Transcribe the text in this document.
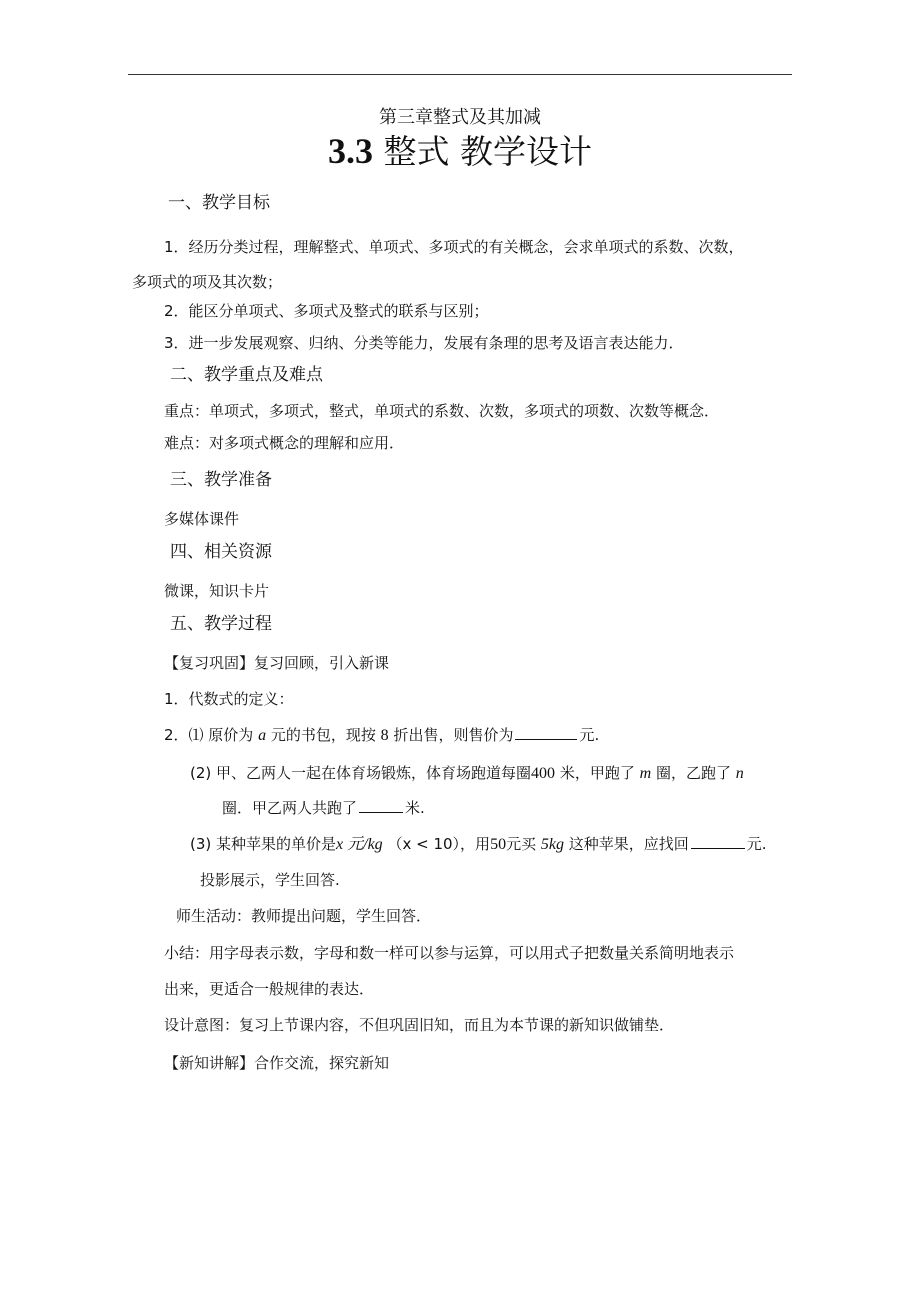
第三章整式及其加减
3.3 整式 教学设计
一、教学目标
1．经历分类过程，理解整式、单项式、多项式的有关概念，会求单项式的系数、次数，
多项式的项及其次数；
2．能区分单项式、多项式及整式的联系与区别；
3．进一步发展观察、归纳、分类等能力，发展有条理的思考及语言表达能力．
二、教学重点及难点
重点：单项式，多项式，整式，单项式的系数、次数，多项式的项数、次数等概念．
难点：对多项式概念的理解和应用．
三、教学准备
多媒体课件
四、相关资源
微课，知识卡片
五、教学过程
【复习巩固】复习回顾，引入新课
1．代数式的定义：
2．⑴ 原价为 a 元的书包，现按 8 折出售，则售价为	元.
(2) 甲、乙两人一起在体育场锻炼，体育场跑道每圈400 米，甲跑了 m 圈，乙跑了 n
圈．甲乙两人共跑了	米.
(3) 某种苹果的单价是x 元/kg （x < 10），用50元买 5kg 这种苹果，应找回	元.
投影展示，学生回答.
师生活动：教师提出问题，学生回答．
小结：用字母表示数，字母和数一样可以参与运算，可以用式子把数量关系简明地表示
出来，更适合一般规律的表达．
设计意图：复习上节课内容，不但巩固旧知，而且为本节课的新知识做铺垫．
【新知讲解】合作交流，探究新知
